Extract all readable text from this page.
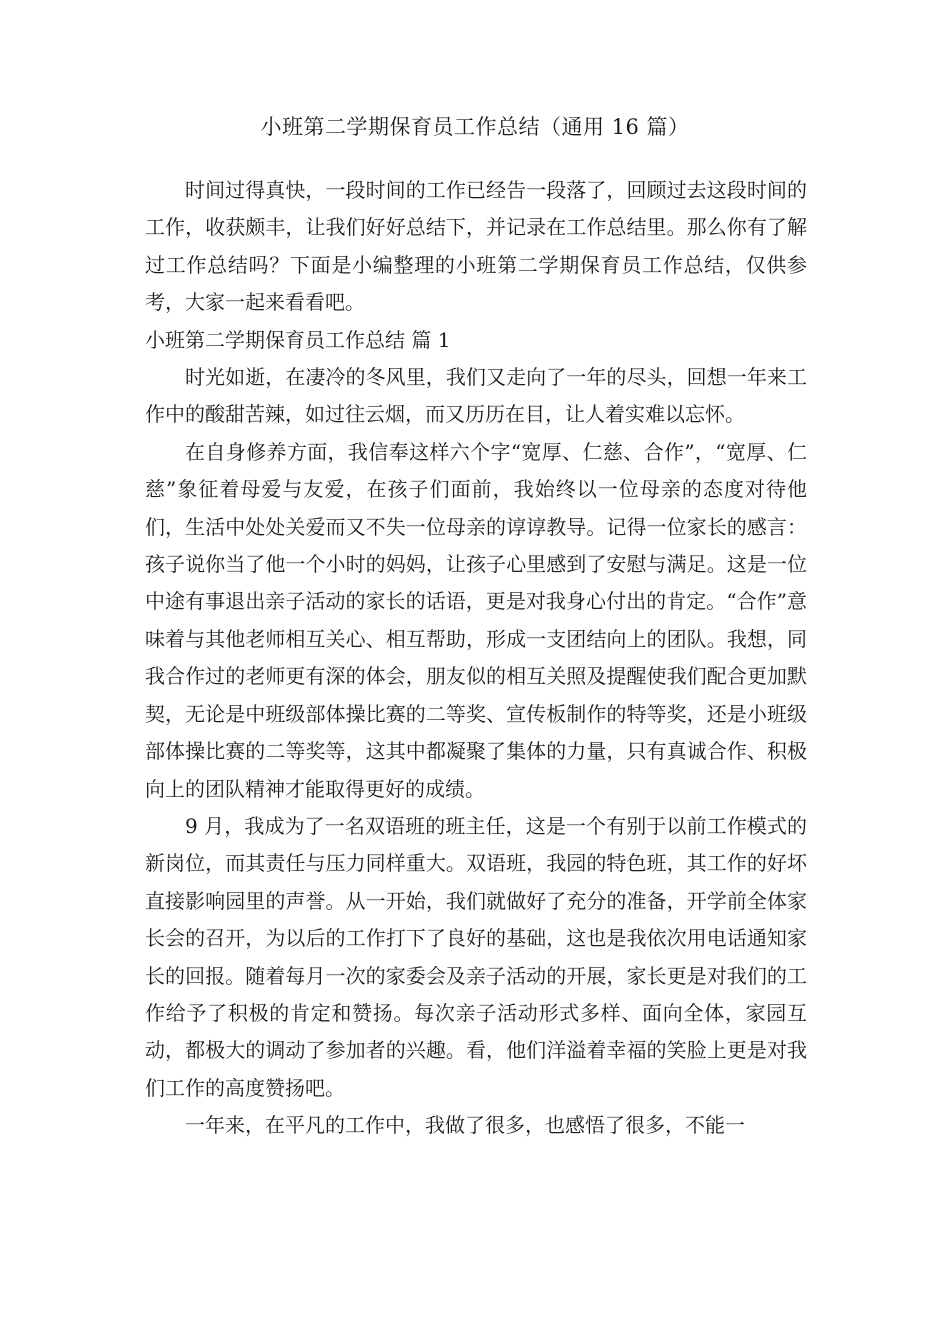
小班第二学期保育员工作总结（通用 16 篇）

时间过得真快，一段时间的工作已经告一段落了，回顾过去这段时间的工作，收获颇丰，让我们好好总结下，并记录在工作总结里。那么你有了解过工作总结吗？下面是小编整理的小班第二学期保育员工作总结，仅供参考，大家一起来看看吧。

小班第二学期保育员工作总结 篇 1

时光如逝，在凄冷的冬风里，我们又走向了一年的尽头，回想一年来工作中的酸甜苦辣，如过往云烟，而又历历在目，让人着实难以忘怀。

在自身修养方面，我信奉这样六个字“宽厚、仁慈、合作”，“宽厚、仁慈”象征着母爱与友爱，在孩子们面前，我始终以一位母亲的态度对待他们，生活中处处关爱而又不失一位母亲的谆谆教导。记得一位家长的感言：孩子说你当了他一个小时的妈妈，让孩子心里感到了安慰与满足。这是一位中途有事退出亲子活动的家长的话语，更是对我身心付出的肯定。“合作”意味着与其他老师相互关心、相互帮助，形成一支团结向上的团队。我想，同我合作过的老师更有深的体会，朋友似的相互关照及提醒使我们配合更加默契，无论是中班级部体操比赛的二等奖、宣传板制作的特等奖，还是小班级部体操比赛的二等奖等，这其中都凝聚了集体的力量，只有真诚合作、积极向上的团队精神才能取得更好的成绩。

9 月，我成为了一名双语班的班主任，这是一个有别于以前工作模式的新岗位，而其责任与压力同样重大。双语班，我园的特色班，其工作的好坏直接影响园里的声誉。从一开始，我们就做好了充分的准备，开学前全体家长会的召开，为以后的工作打下了良好的基础，这也是我依次用电话通知家长的回报。随着每月一次的家委会及亲子活动的开展，家长更是对我们的工作给予了积极的肯定和赞扬。每次亲子活动形式多样、面向全体，家园互动，都极大的调动了参加者的兴趣。看，他们洋溢着幸福的笑脸上更是对我们工作的高度赞扬吧。

一年来，在平凡的工作中，我做了很多，也感悟了很多，不能一
